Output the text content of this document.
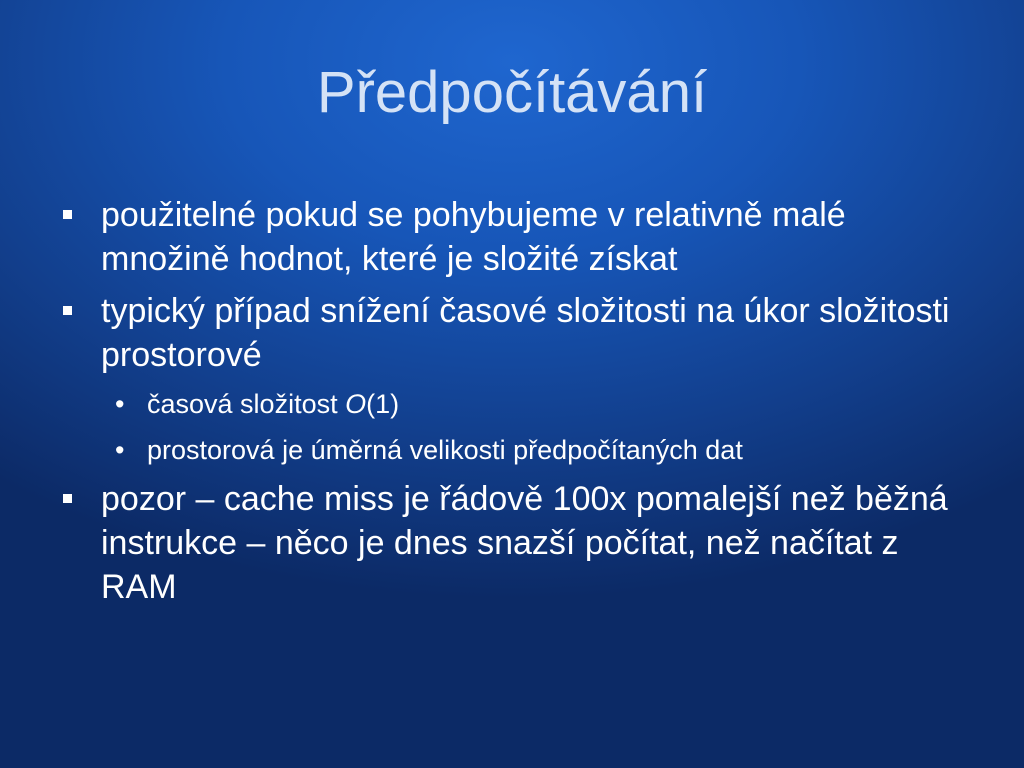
Předpočítávání
použitelné pokud se pohybujeme v relativně malé množině hodnot, které je složité získat
typický případ snížení časové složitosti na úkor složitosti prostorové
• časová složitost O(1)
• prostorová je úměrná velikosti předpočítaných dat
pozor – cache miss je řádově 100x pomalejší než běžná instrukce – něco je dnes snazší počítat, než načítat z RAM
